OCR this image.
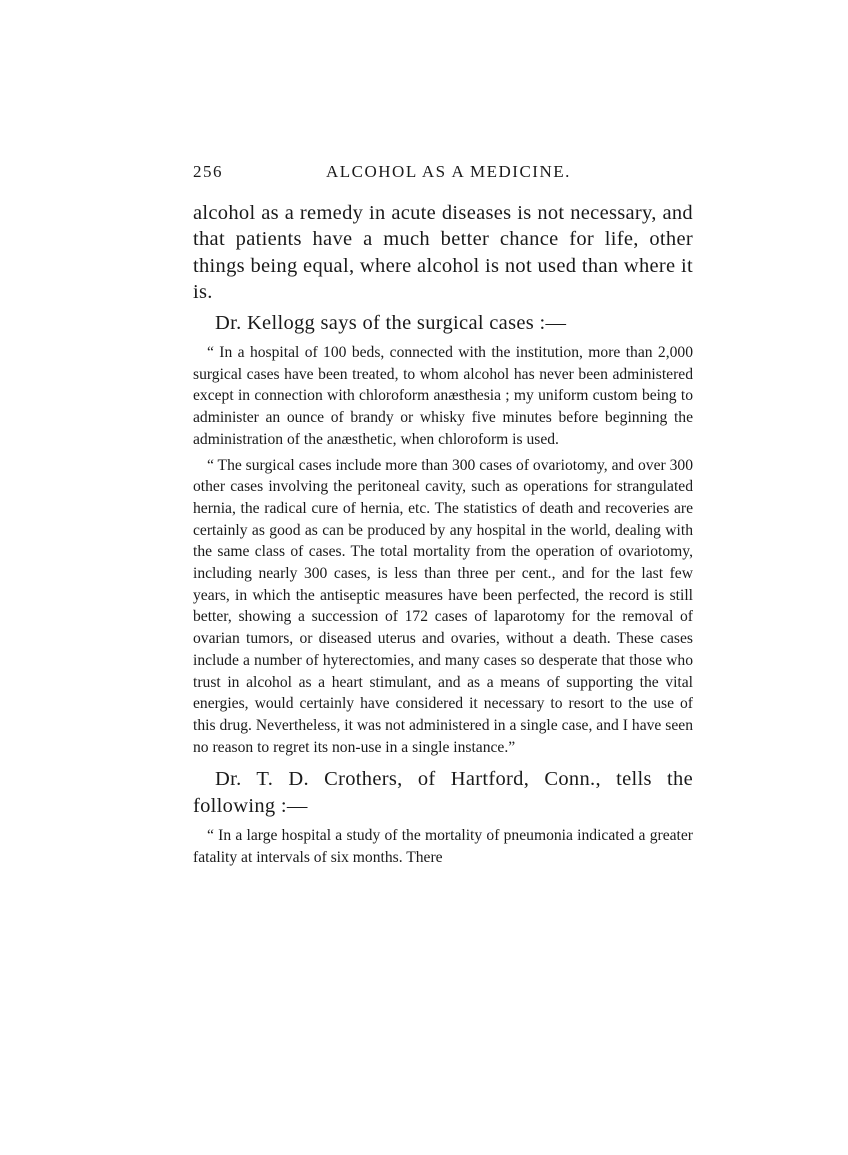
256	ALCOHOL AS A MEDICINE.

alcohol as a remedy in acute diseases is not necessary, and that patients have a much better chance for life, other things being equal, where alcohol is not used than where it is.

Dr. Kellogg says of the surgical cases :—

“ In a hospital of 100 beds, connected with the institution, more than 2,000 surgical cases have been treated, to whom alcohol has never been administered except in connection with chloroform anæsthesia ; my uniform custom being to administer an ounce of brandy or whisky five minutes before beginning the administration of the anæsthetic, when chloroform is used.

“ The surgical cases include more than 300 cases of ovariotomy, and over 300 other cases involving the peritoneal cavity, such as operations for strangulated hernia, the radical cure of hernia, etc. The statistics of death and recoveries are certainly as good as can be produced by any hospital in the world, dealing with the same class of cases. The total mortality from the operation of ovariotomy, including nearly 300 cases, is less than three per cent., and for the last few years, in which the antiseptic measures have been perfected, the record is still better, showing a succession of 172 cases of laparotomy for the removal of ovarian tumors, or diseased uterus and ovaries, without a death. These cases include a number of hyterectomies, and many cases so desperate that those who trust in alcohol as a heart stimulant, and as a means of supporting the vital energies, would certainly have considered it necessary to resort to the use of this drug. Nevertheless, it was not administered in a single case, and I have seen no reason to regret its non-use in a single instance.”

Dr. T. D. Crothers, of Hartford, Conn., tells the following :—

“ In a large hospital a study of the mortality of pneumonia indicated a greater fatality at intervals of six months. There
